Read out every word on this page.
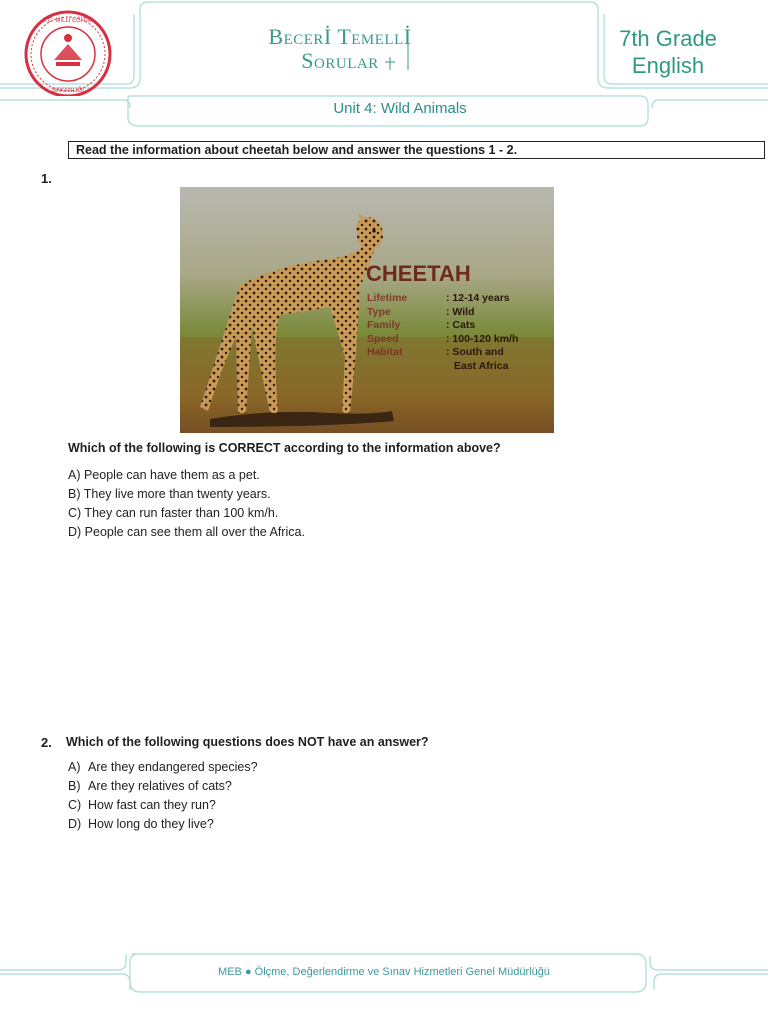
T.C. MİLLÎ EĞİTİM
BAKANLIĞI
Becerİ Temellİ
Sorular
7th Grade
English
Unit 4: Wild Animals
Read the information about cheetah below and answer the questions 1 - 2.
1.
CHEETAH
Lifetime	: 12-14 years
Type	: Wild
Family	: Cats
Speed	: 100-120 km/h
Habitat	: South and
East Africa
Which of the following is CORRECT according to the information above?
A) People can have them as a pet.
B) They live more than twenty years.
C) They can run faster than 100 km/h.
D) People can see them all over the Africa.
2. Which of the following questions does NOT have an answer?
A) Are they endangered species?
B) Are they relatives of cats?
C) How fast can they run?
D) How long do they live?
MEB ● Ölçme, Değerlendirme ve Sınav Hizmetleri Genel Müdürlüğü
